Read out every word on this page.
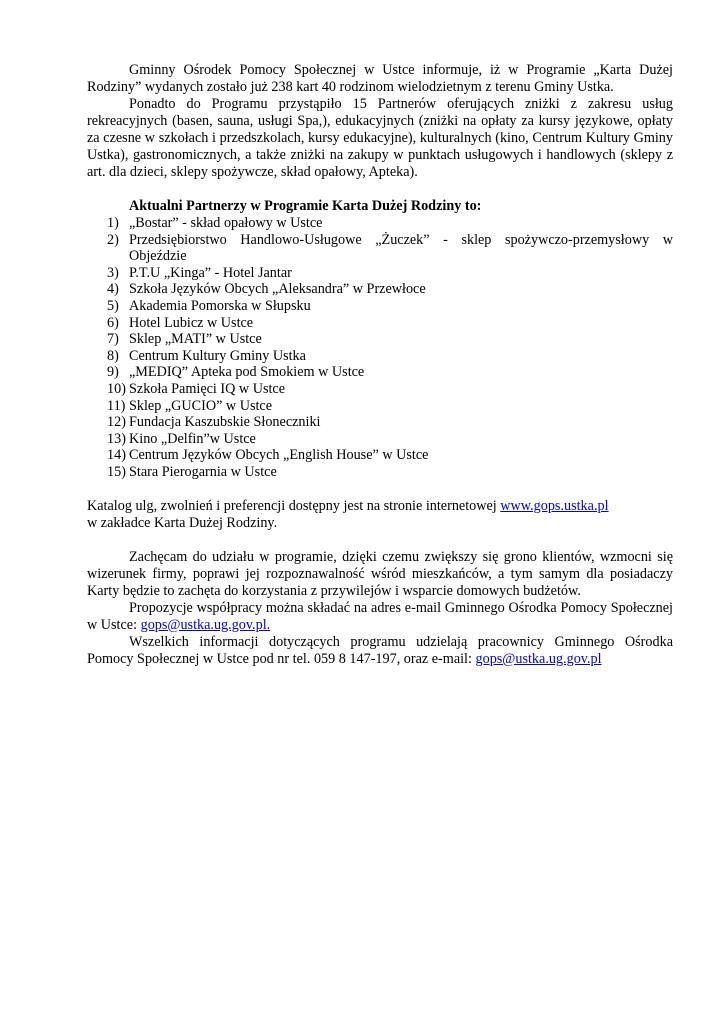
Gminny Ośrodek Pomocy Społecznej w Ustce informuje, iż w Programie „Karta Dużej Rodziny” wydanych zostało już 238 kart 40 rodzinom wielodzietnym z terenu Gminy Ustka.

Ponadto do Programu przystąpiło 15 Partnerów oferujących zniżki z zakresu usług rekreacyjnych (basen, sauna, usługi Spa,), edukacyjnych (zniżki na opłaty za kursy językowe, opłaty za czesne w szkołach i przedszkolach, kursy edukacyjne), kulturalnych (kino, Centrum Kultury Gminy Ustka), gastronomicznych, a także zniżki na zakupy w punktach usługowych i handlowych (sklepy z art. dla dzieci, sklepy spożywcze, skład opałowy, Apteka).

Aktualni Partnerzy w Programie Karta Dużej Rodziny to:

1) „Bostar” - skład opałowy w Ustce
2) Przedsiębiorstwo Handlowo-Usługowe „Żuczek” - sklep spożywczo-przemysłowy w Objeździe
3) P.T.U „Kinga” - Hotel Jantar
4) Szkoła Języków Obcych „Aleksandra” w Przewłoce
5) Akademia Pomorska w Słupsku
6) Hotel Lubicz w Ustce
7) Sklep „MATI” w Ustce
8) Centrum Kultury Gminy Ustka
9) „MEDIQ” Apteka pod Smokiem w Ustce
10) Szkoła Pamięci IQ w Ustce
11) Sklep „GUCIO” w Ustce
12) Fundacja Kaszubskie Słoneczniki
13) Kino „Delfin”w Ustce
14) Centrum Języków Obcych „English House” w Ustce
15) Stara Pierogarnia w Ustce

Katalog ulg, zwolnień i preferencji dostępny jest na stronie internetowej www.gops.ustka.pl
w zakładce Karta Dużej Rodziny.

Zachęcam do udziału w programie, dzięki czemu zwiększy się grono klientów, wzmocni się wizerunek firmy, poprawi jej rozpoznawalność wśród mieszkańców, a tym samym dla posiadaczy Karty będzie to zachęta do korzystania z przywilejów i wsparcie domowych budżetów.

Propozycje współpracy można składać na adres e-mail Gminnego Ośrodka Pomocy Społecznej w Ustce: gops@ustka.ug.gov.pl.

Wszelkich informacji dotyczących programu udzielają pracownicy Gminnego Ośrodka Pomocy Społecznej w Ustce pod nr tel. 059 8 147-197, oraz e-mail: gops@ustka.ug.gov.pl
